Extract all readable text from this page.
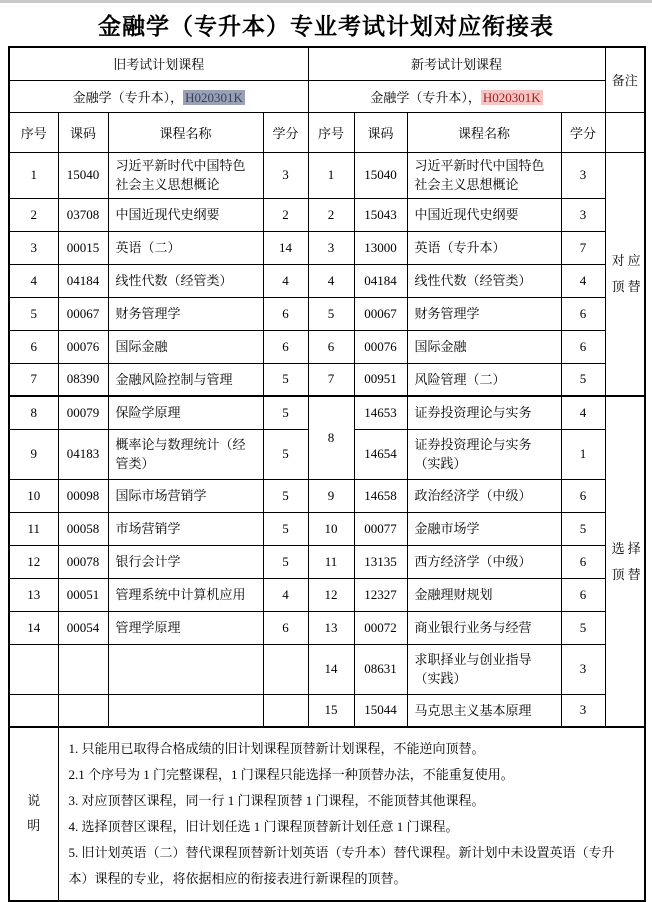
金融学（专升本）专业考试计划对应衔接表
旧考试计划课程				新考试计划课程				备注
金融学（专升本）， H020301K				金融学（专升本）， H020301K				
序号	课码	课程名称	学分	序号	课码	课程名称	学分	
1	15040	习近平新时代中国特色社会主义思想概论	3	1	15040	习近平新时代中国特色社会主义思想概论	3	对应顶替

2	03708	中国近现代史纲要	2	2	15043	中国近现代史纲要	3	
3	00015	英语（二）	14	3	13000	英语（专升本）	7	
4	04184	线性代数（经管类）	4	4	04184	线性代数（经管类）	4	
5	00067	财务管理学	6	5	00067	财务管理学	6	
6	00076	国际金融	6	6	00076	国际金融	6	
7	08390	金融风险控制与管理	5	7	00951	风险管理（二）	5	
8	00079	保险学原理	5	8	14653	证券投资理论与实务	4	选择顶替

9	04183	概率论与数理统计（经管类）	5		14654	证券投资理论与实务（实践）	1	
10	00098	国际市场营销学	5	9	14658	政治经济学（中级）	6	
11	00058	市场营销学	5	10	00077	金融市场学	5	
12	00078	银行会计学	5	11	13135	西方经济学（中级）	6	
13	00051	管理系统中计算机应用	4	12	12327	金融理财规划	6	
14	00054	管理学原理	6	13	00072	商业银行业务与经营	5	
				14	08631	求职择业与创业指导（实践）	3	
				15	15044	马克思主义基本原理	3	

说明	1. 只能用已取得合格成绩的旧计划课程顶替新计划课程，不能逆向顶替。

2.1 个序号为 1 门完整课程，1 门课程只能选择一种顶替办法，不能重复使用。

3. 对应顶替区课程，同一行 1 门课程顶替 1 门课程，不能顶替其他课程。

4. 选择顶替区课程，旧计划任选 1 门课程顶替新计划任意 1 门课程。

5. 旧计划英语（二）替代课程顶替新计划英语（专升本）替代课程。新计划中未设置英语（专升本）课程的专业，将依据相应的衔接表进行新课程的顶替。							
